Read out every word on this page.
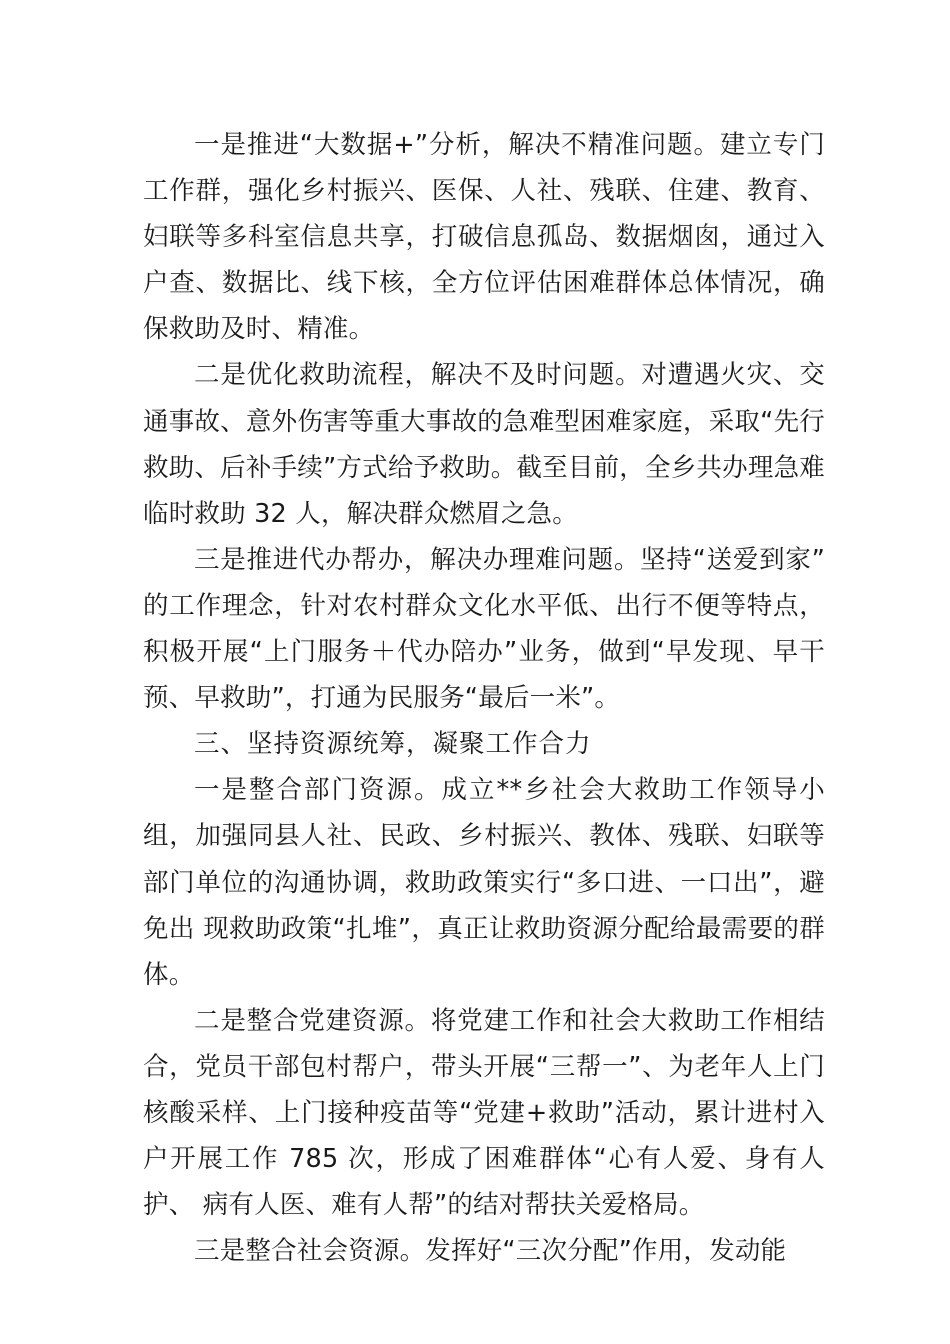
一是推进“大数据+”分析，解决不精准问题。建立专门工作群，强化乡村振兴、医保、人社、残联、住建、教育、 妇联等多科室信息共享，打破信息孤岛、数据烟囱，通过入户查、数据比、线下核，全方位评估困难群体总体情况，确保救助及时、精准。

二是优化救助流程，解决不及时问题。对遭遇火灾、交通事故、意外伤害等重大事故的急难型困难家庭，采取“先行救助、后补手续”方式给予救助。截至目前，全乡共办理急难临时救助 32 人，解决群众燃眉之急。

三是推进代办帮办，解决办理难问题。坚持“送爱到家” 的工作理念，针对农村群众文化水平低、出行不便等特点， 积极开展“上门服务＋代办陪办”业务，做到“早发现、早干预、早救助”，打通为民服务“最后一米”。

三、坚持资源统筹，凝聚工作合力

一是整合部门资源。成立**乡社会大救助工作领导小组，加强同县人社、民政、乡村振兴、教体、残联、妇联等部门单位的沟通协调，救助政策实行“多口进、一口出”，避免出 现救助政策“扎堆”，真正让救助资源分配给最需要的群体。

二是整合党建资源。将党建工作和社会大救助工作相结合，党员干部包村帮户，带头开展“三帮一”、为老年人上门核酸采样、上门接种疫苗等“党建+救助”活动，累计进村入户开展工作 785 次，形成了困难群体“心有人爱、身有人护、 病有人医、难有人帮”的结对帮扶关爱格局。

三是整合社会资源。发挥好“三次分配”作用，发动能
